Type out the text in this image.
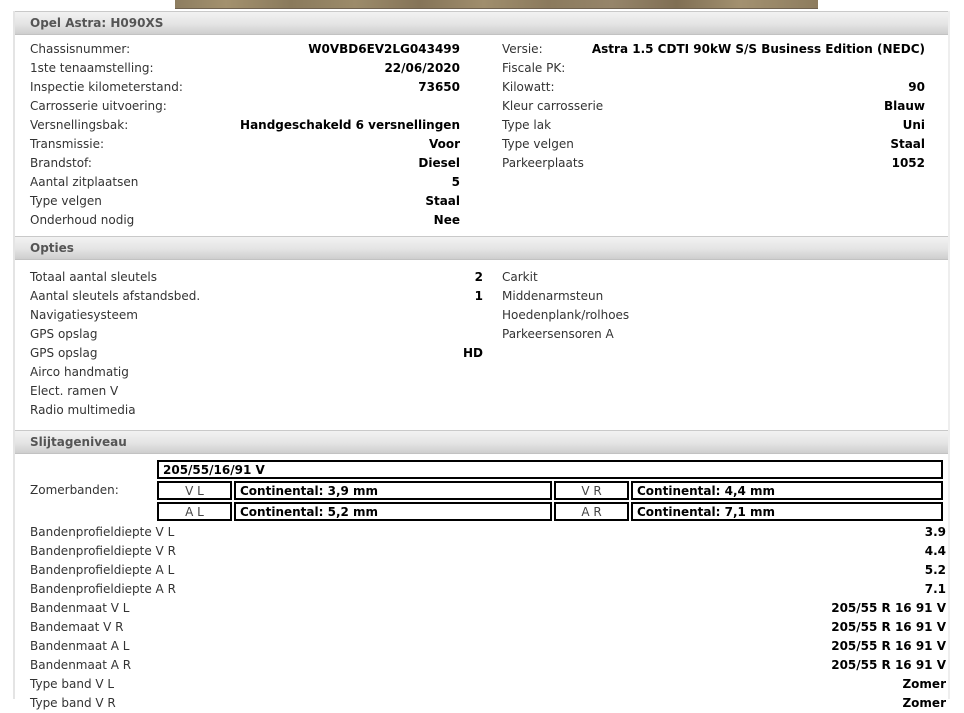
Opel Astra: H090XS
Chassisnummer:	W0VBD6EV2LG043499
1ste tenaamstelling:	22/06/2020
Inspectie kilometerstand:	73650
Carrosserie uitvoering:
Versnellingsbak:	Handgeschakeld 6 versnellingen
Transmissie:	Voor
Brandstof:	Diesel
Aantal zitplaatsen	5
Type velgen	Staal
Onderhoud nodig	Nee
Versie:	Astra 1.5 CDTI 90kW S/S Business Edition (NEDC)
Fiscale PK:
Kilowatt:	90
Kleur carrosserie	Blauw
Type lak	Uni
Type velgen	Staal
Parkeerplaats	1052
Opties
Totaal aantal sleutels	2
Aantal sleutels afstandsbed.	1
Navigatiesysteem
GPS opslag
GPS opslag	HD
Airco handmatig
Elect. ramen V
Radio multimedia
Carkit
Middenarmsteun
Hoedenplank/rolhoes
Parkeersensoren A
Slijtageniveau
Zomerbanden:
205/55/16/91 V			
V L	Continental: 3,9 mm	V R	Continental: 4,4 mm
A L	Continental: 5,2 mm	A R	Continental: 7,1 mm
Bandenprofieldiepte V L	3.9
Bandenprofieldiepte V R	4.4
Bandenprofieldiepte A L	5.2
Bandenprofieldiepte A R	7.1
Bandenmaat V L	205/55 R 16 91 V
Bandemaat V R	205/55 R 16 91 V
Bandenmaat A L	205/55 R 16 91 V
Bandenmaat A R	205/55 R 16 91 V
Type band V L	Zomer
Type band V R	Zomer
